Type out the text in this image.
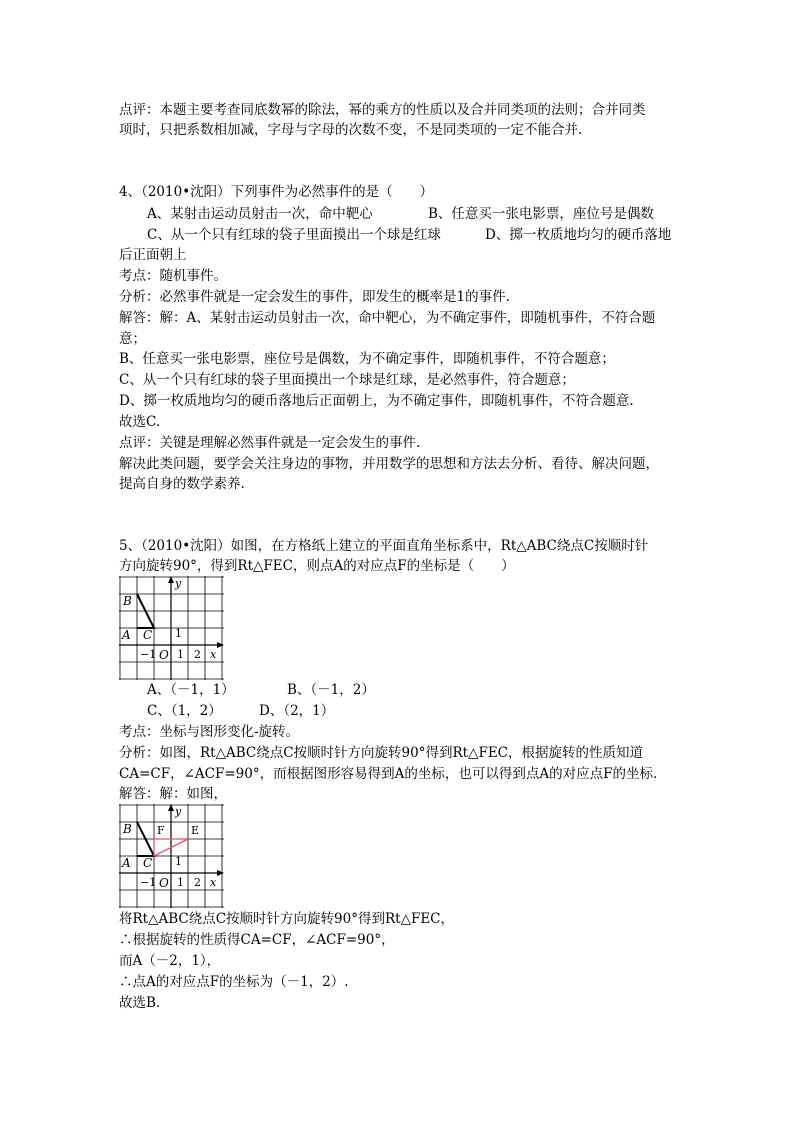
点评：本题主要考查同底数幂的除法，幂的乘方的性质以及合并同类项的法则；合并同类
项时，只把系数相加减，字母与字母的次数不变，不是同类项的一定不能合并.
4、（2010•沈阳）下列事件为必然事件的是（　　）
A、某射击运动员射击一次，命中靶心	B、任意买一张电影票，座位号是偶数
C、从一个只有红球的袋子里面摸出一个球是红球	D、掷一枚质地均匀的硬币落地
后正面朝上
考点：随机事件。
分析：必然事件就是一定会发生的事件，即发生的概率是1的事件.
解答：解：A、某射击运动员射击一次，命中靶心，为不确定事件，即随机事件，不符合题
意；
B、任意买一张电影票，座位号是偶数，为不确定事件，即随机事件，不符合题意；
C、从一个只有红球的袋子里面摸出一个球是红球，是必然事件，符合题意；
D、掷一枚质地均匀的硬币落地后正面朝上，为不确定事件，即随机事件，不符合题意.
故选C.
点评：关键是理解必然事件就是一定会发生的事件.
解决此类问题，要学会关注身边的事物，并用数学的思想和方法去分析、看待、解决问题，
提高自身的数学素养.
5、（2010•沈阳）如图，在方格纸上建立的平面直角坐标系中，Rt△ABC绕点C按顺时针
方向旋转90°，得到Rt△FEC，则点A的对应点F的坐标是（　　）
B
A C
y
1
−1 O 1 2 x
A、（－1，1）	B、（－1，2）
C、（1，2）	D、（2，1）
考点：坐标与图形变化-旋转。
分析：如图，Rt△ABC绕点C按顺时针方向旋转90°得到Rt△FEC，根据旋转的性质知道
CA=CF，∠ACF=90°，而根据图形容易得到A的坐标，也可以得到点A的对应点F的坐标.
解答：解：如图，
B F E
A C
y
1
−1 O 1 2 x
将Rt△ABC绕点C按顺时针方向旋转90°得到Rt△FEC，
∴根据旋转的性质得CA=CF，∠ACF=90°，
而A（－2，1），
∴点A的对应点F的坐标为（－1，2）.
故选B.
